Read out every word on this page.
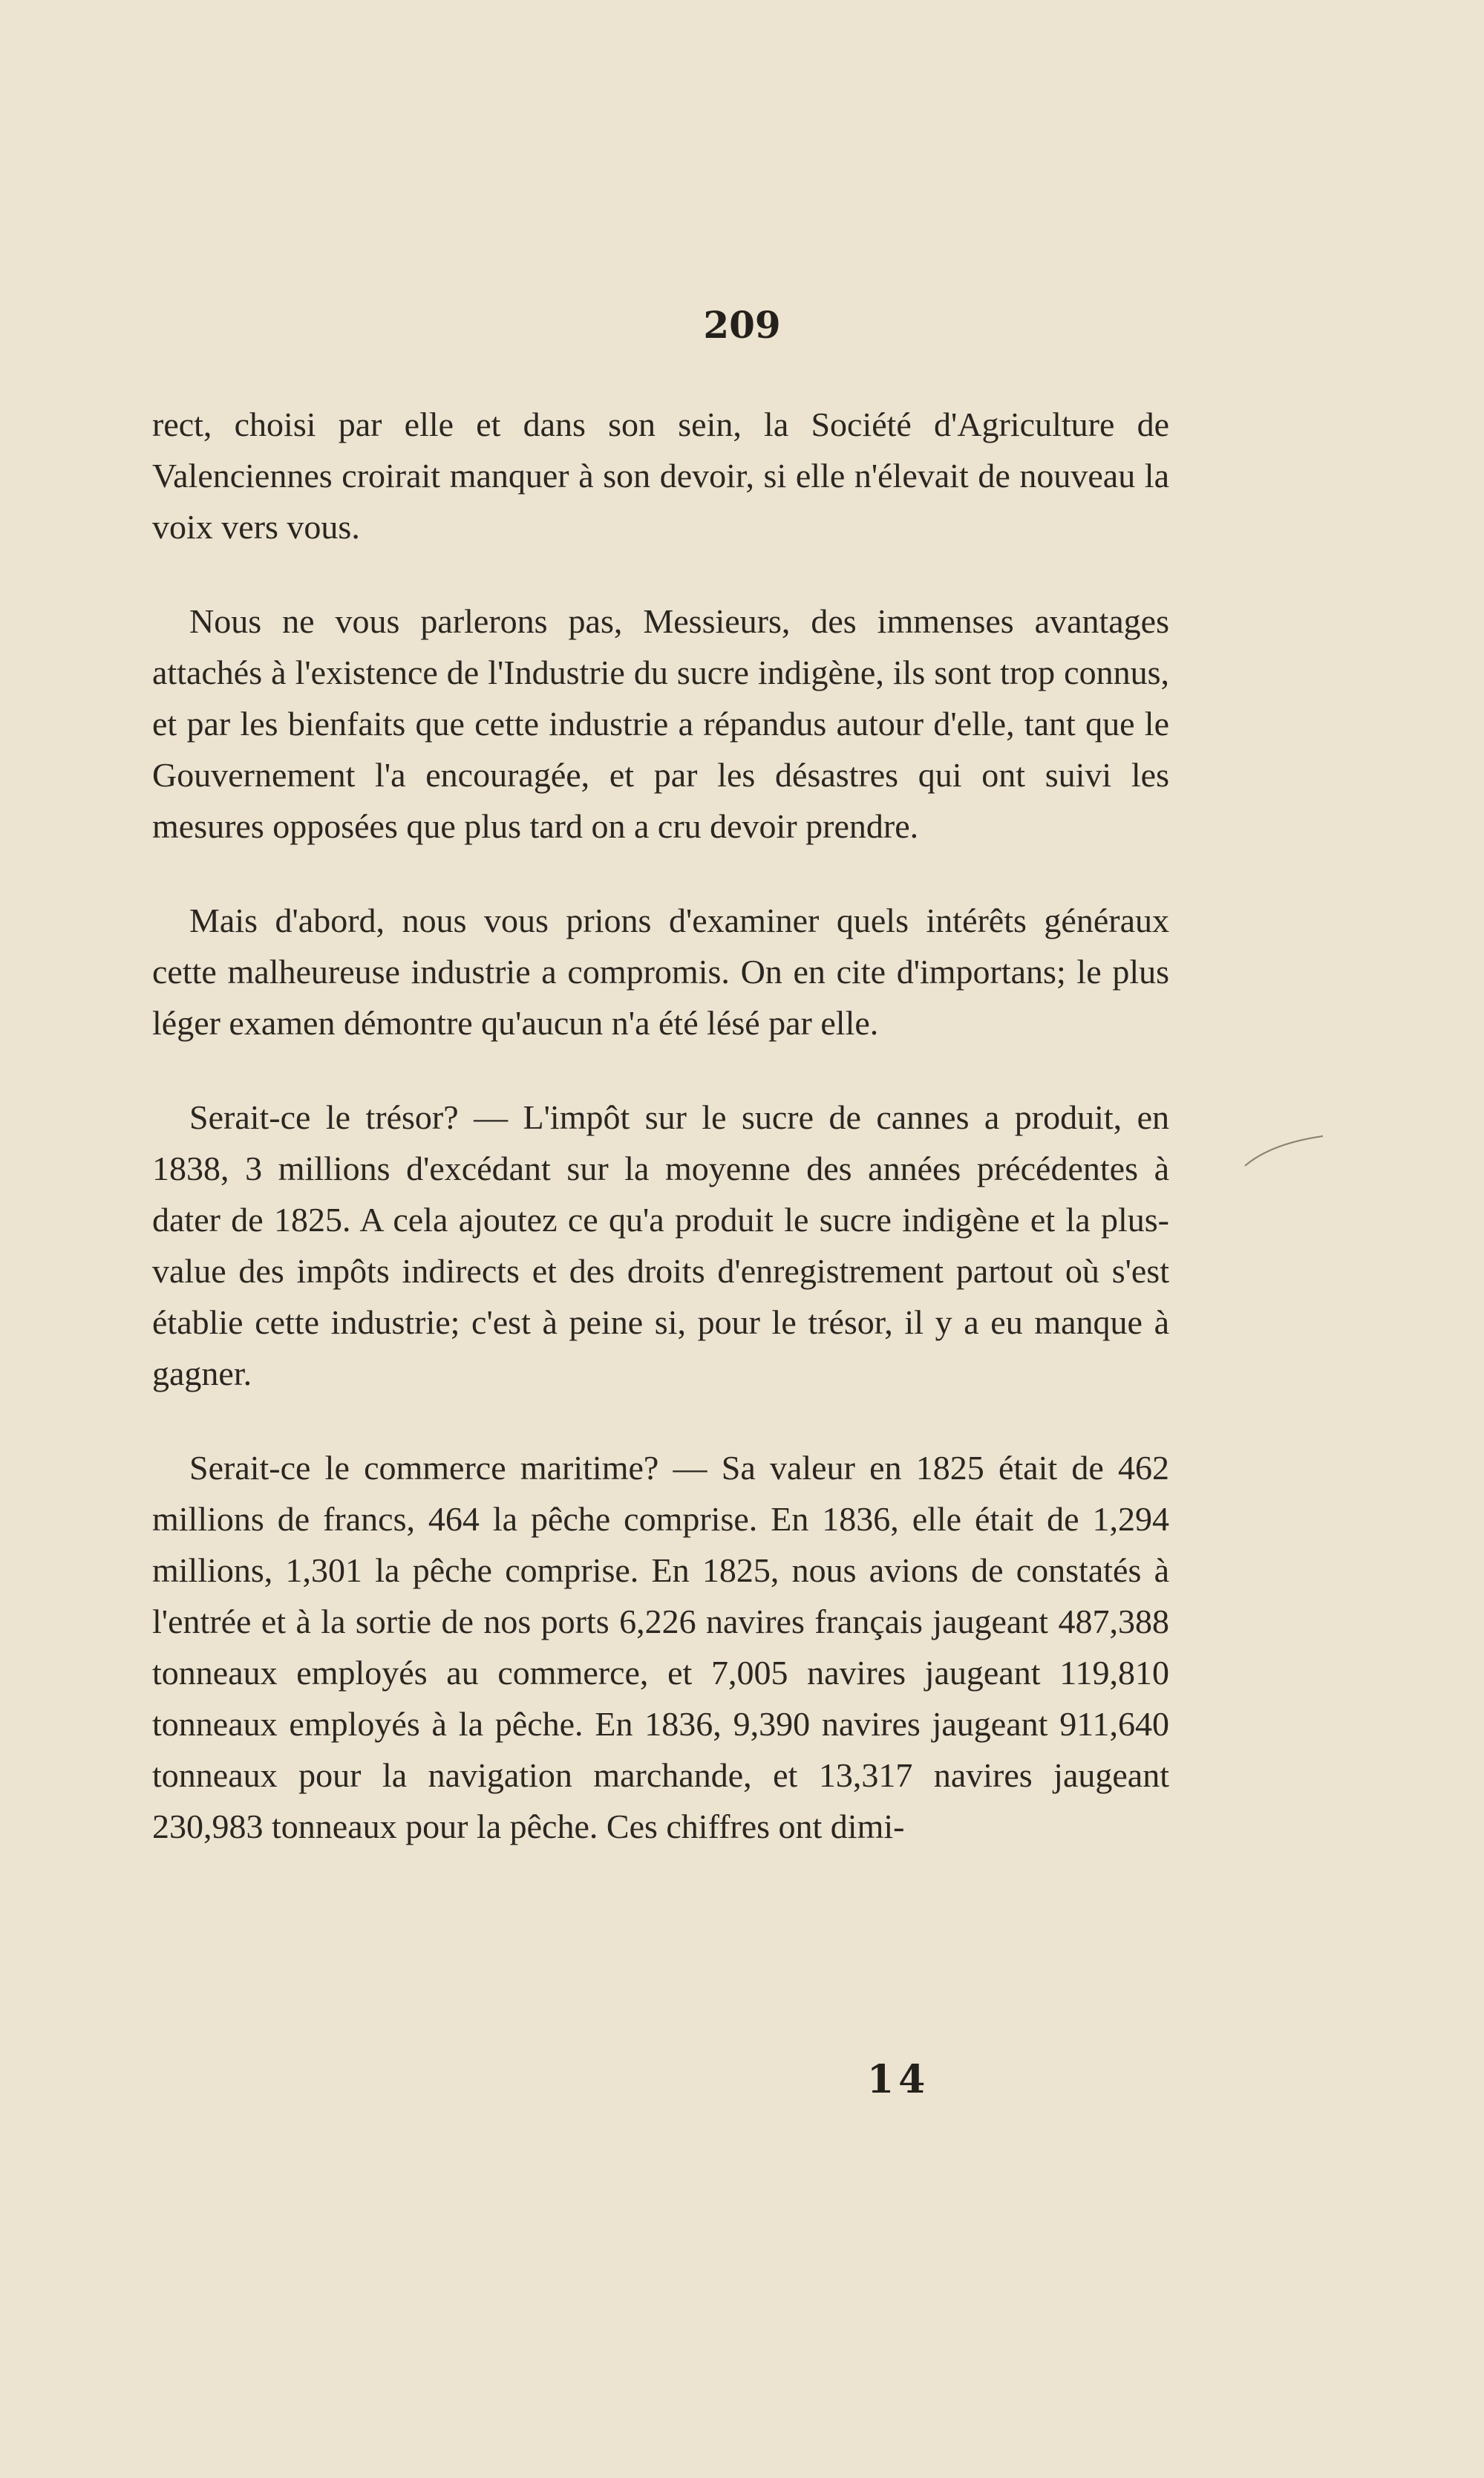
209

rect, choisi par elle et dans son sein, la Société d'Agriculture de Valenciennes croirait manquer à son devoir, si elle n'élevait de nouveau la voix vers vous.

Nous ne vous parlerons pas, Messieurs, des immenses avantages attachés à l'existence de l'Industrie du sucre indigène, ils sont trop connus, et par les bienfaits que cette industrie a répandus autour d'elle, tant que le Gouvernement l'a encouragée, et par les désastres qui ont suivi les mesures opposées que plus tard on a cru devoir prendre.

Mais d'abord, nous vous prions d'examiner quels intérêts généraux cette malheureuse industrie a compromis. On en cite d'importans; le plus léger examen démontre qu'aucun n'a été lésé par elle.

Serait-ce le trésor? — L'impôt sur le sucre de cannes a produit, en 1838, 3 millions d'excédant sur la moyenne des années précédentes à dater de 1825. A cela ajoutez ce qu'a produit le sucre indigène et la plus-value des impôts indirects et des droits d'enregistrement partout où s'est établie cette industrie; c'est à peine si, pour le trésor, il y a eu manque à gagner.

Serait-ce le commerce maritime? — Sa valeur en 1825 était de 462 millions de francs, 464 la pêche comprise. En 1836, elle était de 1,294 millions, 1,301 la pêche comprise. En 1825, nous avions de constatés à l'entrée et à la sortie de nos ports 6,226 navires français jaugeant 487,388 tonneaux employés au commerce, et 7,005 navires jaugeant 119,810 tonneaux employés à la pêche. En 1836, 9,390 navires jaugeant 911,640 tonneaux pour la navigation marchande, et 13,317 navires jaugeant 230,983 tonneaux pour la pêche. Ces chiffres ont dimi-

14
